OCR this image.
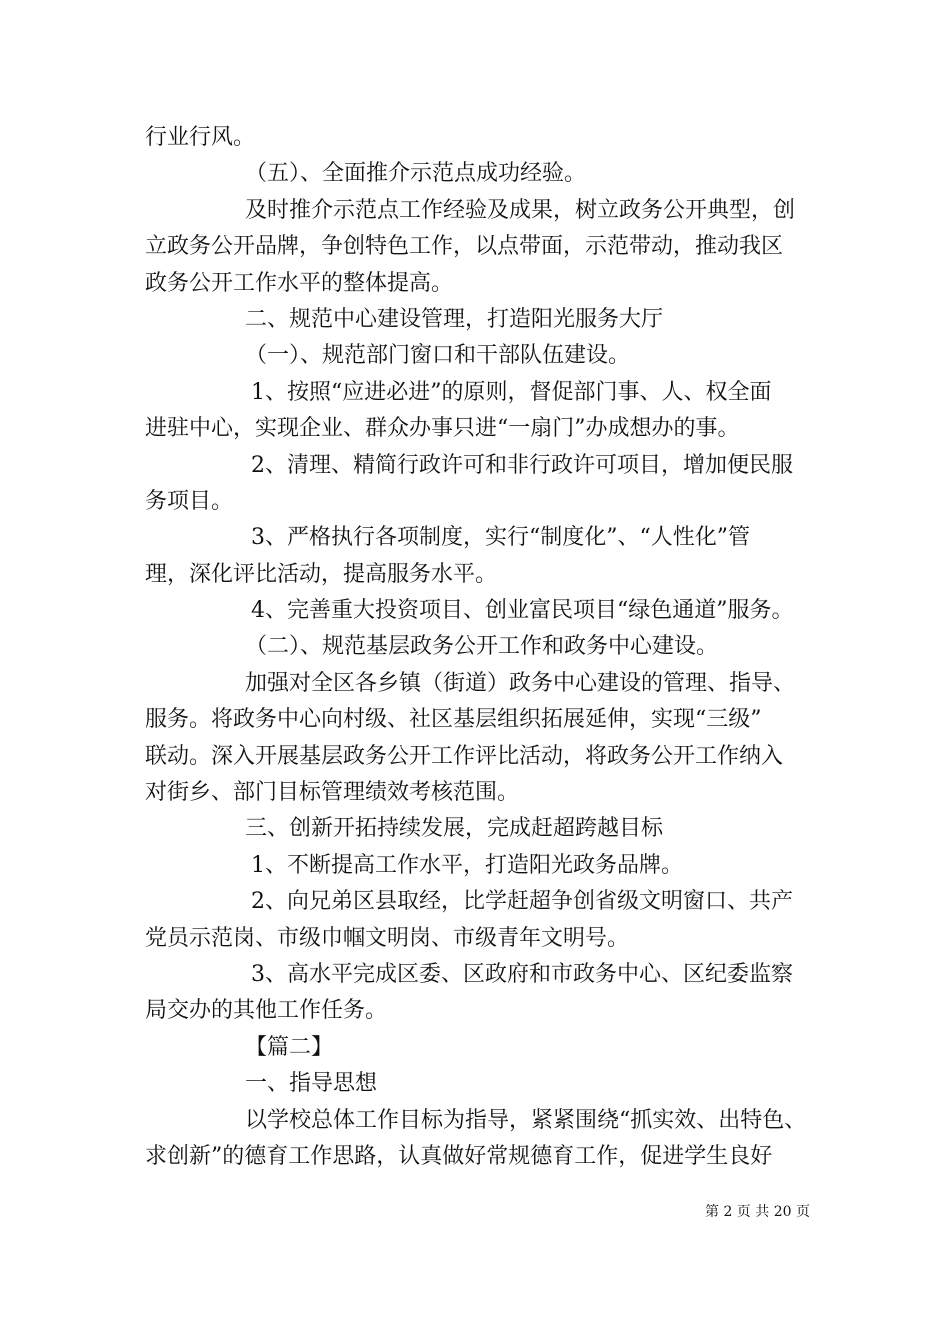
行业行风。
（五）、全面推介示范点成功经验。
及时推介示范点工作经验及成果，树立政务公开典型，创
立政务公开品牌，争创特色工作，以点带面，示范带动，推动我区
政务公开工作水平的整体提高。
二、规范中心建设管理，打造阳光服务大厅
（一）、规范部门窗口和干部队伍建设。
1、按照“应进必进”的原则，督促部门事、人、权全面
进驻中心，实现企业、群众办事只进“一扇门”办成想办的事。
2、清理、精简行政许可和非行政许可项目，增加便民服
务项目。
3、严格执行各项制度，实行“制度化”、“人性化”管
理，深化评比活动，提高服务水平。
4、完善重大投资项目、创业富民项目“绿色通道”服务。
（二）、规范基层政务公开工作和政务中心建设。
加强对全区各乡镇（街道）政务中心建设的管理、指导、
服务。将政务中心向村级、社区基层组织拓展延伸，实现“三级”
联动。深入开展基层政务公开工作评比活动，将政务公开工作纳入
对街乡、部门目标管理绩效考核范围。
三、创新开拓持续发展，完成赶超跨越目标
1、不断提高工作水平，打造阳光政务品牌。
2、向兄弟区县取经，比学赶超争创省级文明窗口、共产
党员示范岗、市级巾帼文明岗、市级青年文明号。
3、高水平完成区委、区政府和市政务中心、区纪委监察
局交办的其他工作任务。
【篇二】
一、指导思想
以学校总体工作目标为指导，紧紧围绕“抓实效、出特色、
求创新”的德育工作思路，认真做好常规德育工作，促进学生良好
第 2 页 共 20 页
